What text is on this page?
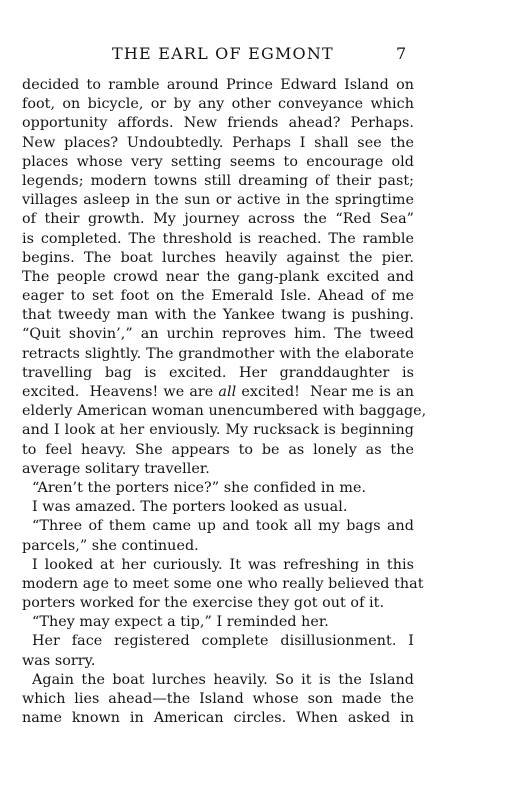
THE EARL OF EGMONT	7
decided to ramble around Prince Edward Island on
foot, on bicycle, or by any other conveyance which
opportunity affords. New friends ahead? Perhaps.
New places? Undoubtedly. Perhaps I shall see the
places whose very setting seems to encourage old
legends; modern towns still dreaming of their past;
villages asleep in the sun or active in the springtime
of their growth. My journey across the “Red Sea”
is completed. The threshold is reached. The ramble
begins. The boat lurches heavily against the pier.
The people crowd near the gang-plank excited and
eager to set foot on the Emerald Isle. Ahead of me
that tweedy man with the Yankee twang is pushing.
“Quit shovin’,” an urchin reproves him. The tweed
retracts slightly. The grandmother with the elaborate
travelling bag is excited. Her granddaughter is
excited.  Heavens! we are all excited!  Near me is an
elderly American woman unencumbered with baggage,
and I look at her enviously. My rucksack is beginning
to feel heavy. She appears to be as lonely as the
average solitary traveller.
“Aren’t the porters nice?” she confided in me.
I was amazed. The porters looked as usual.
“Three of them came up and took all my bags and
parcels,” she continued.
I looked at her curiously. It was refreshing in this
modern age to meet some one who really believed that
porters worked for the exercise they got out of it.
“They may expect a tip,” I reminded her.
Her face registered complete disillusionment. I
was sorry.
Again the boat lurches heavily. So it is the Island
which lies ahead—the Island whose son made the
name known in American circles. When asked in
